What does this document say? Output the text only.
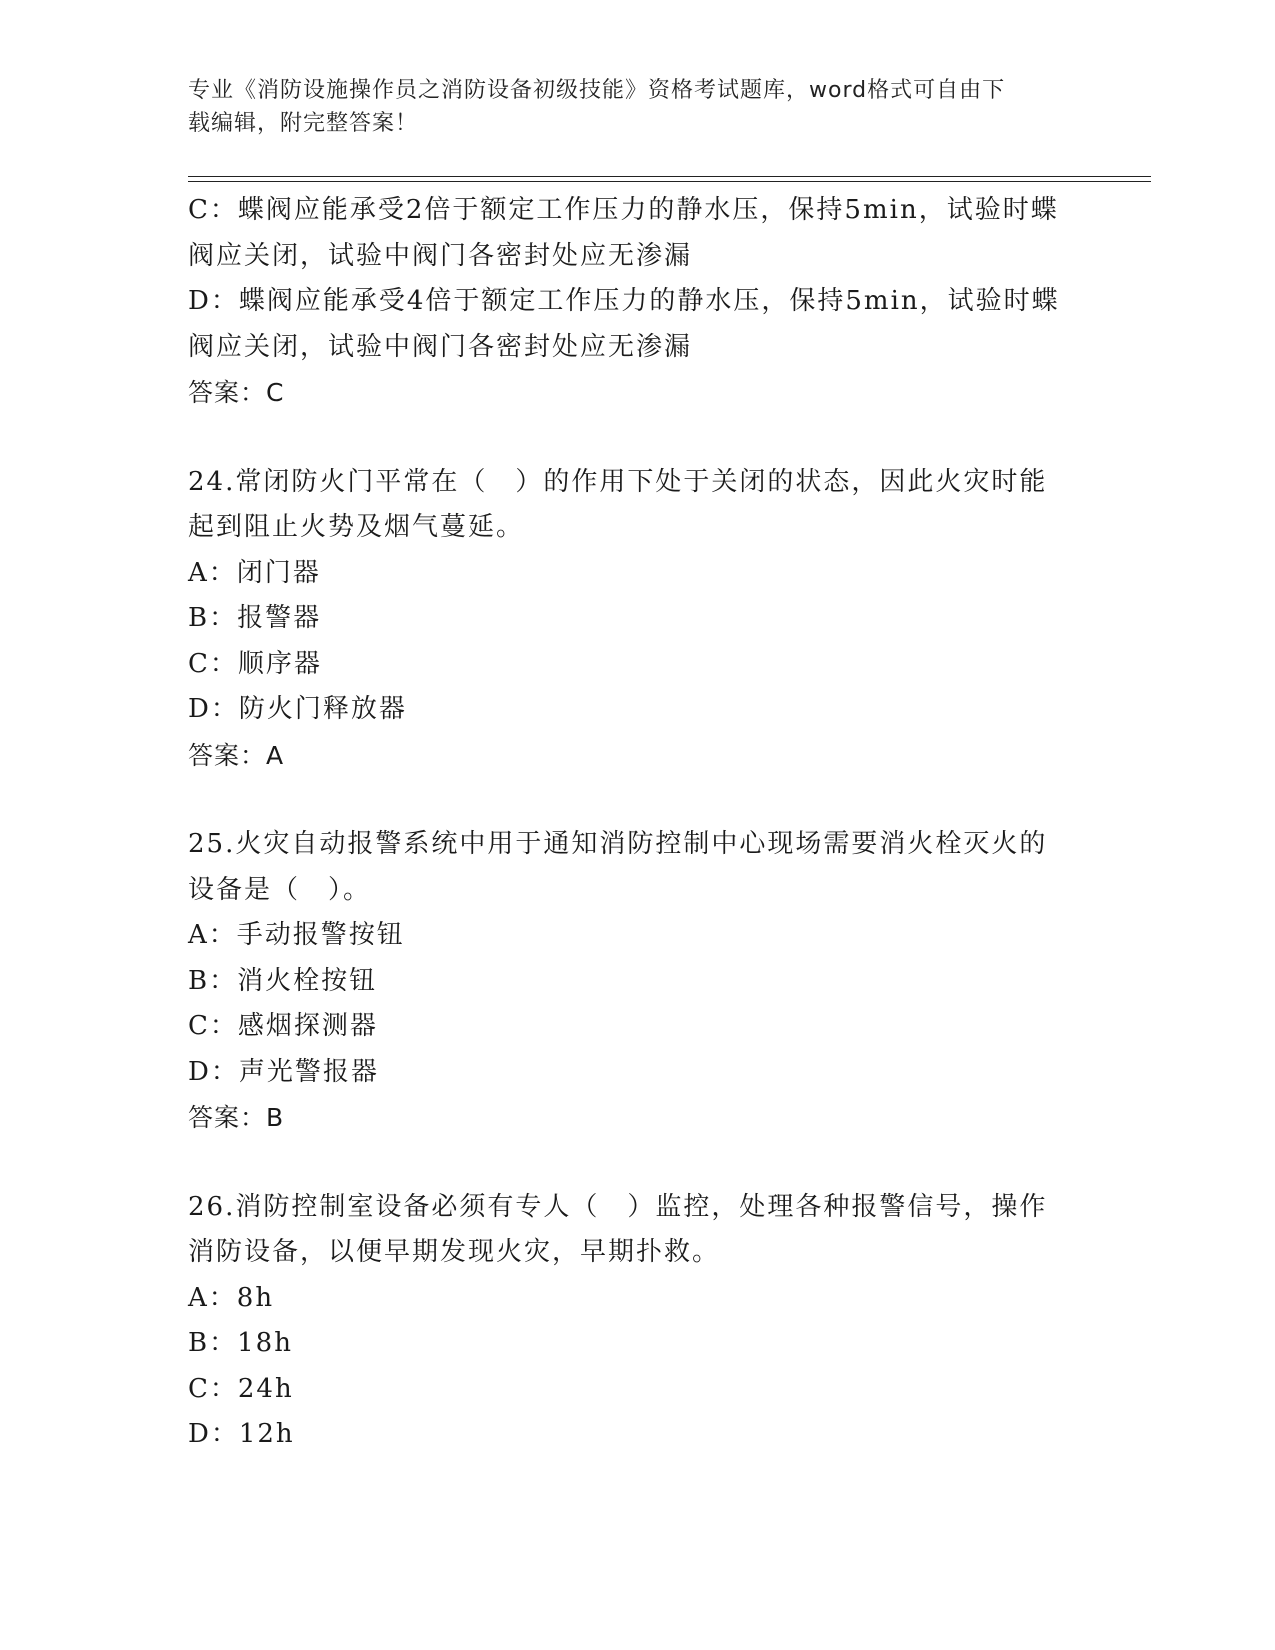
专业《消防设施操作员之消防设备初级技能》资格考试题库，word格式可自由下
载编辑，附完整答案！
C：蝶阀应能承受2倍于额定工作压力的静水压，保持5min，试验时蝶
阀应关闭，试验中阀门各密封处应无渗漏
D：蝶阀应能承受4倍于额定工作压力的静水压，保持5min，试验时蝶
阀应关闭，试验中阀门各密封处应无渗漏
答案：C
24.常闭防火门平常在（　）的作用下处于关闭的状态，因此火灾时能
起到阻止火势及烟气蔓延。
A：闭门器
B：报警器
C：顺序器
D：防火门释放器
答案：A
25.火灾自动报警系统中用于通知消防控制中心现场需要消火栓灭火的
设备是（　）。
A：手动报警按钮
B：消火栓按钮
C：感烟探测器
D：声光警报器
答案：B
26.消防控制室设备必须有专人（　）监控，处理各种报警信号，操作
消防设备，以便早期发现火灾，早期扑救。
A：8h
B：18h
C：24h
D：12h
